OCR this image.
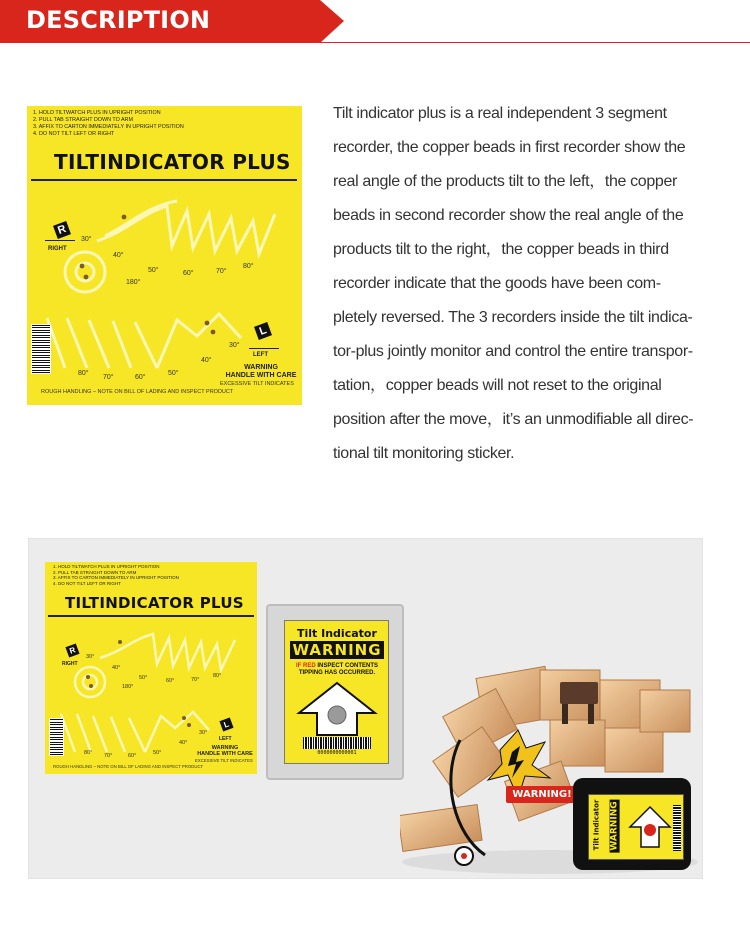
DESCRIPTION
1. HOLD TILTWATCH PLUS IN UPRIGHT POSITION
2. PULL TAB STRAIGHT DOWN TO ARM
3. AFFIX TO CARTON IMMEDIATELY IN UPRIGHT POSITION
4. DO NOT TILT LEFT OR RIGHT
TILTINDICATOR PLUS
R
RIGHT
30°
40°
50°	60°	70°
80°
180°
L
LEFT
30°
40°
50°
60°
70°
80°
WARNING
HANDLE WITH CARE
EXCESSIVE TILT INDICATES
ROUGH HANDLING – NOTE ON BILL OF LADING AND INSPECT PRODUCT
Tilt indicator plus is a real independent 3 segment
recorder, the copper beads in first recorder show the
real angle of the products tilt to the left，the copper
beads in second recorder show the real angle of the
products tilt to the right，the copper beads in third
recorder indicate that the goods have been com-
pletely reversed. The 3 recorders inside the tilt indica-
tor-plus jointly monitor and control the entire transpor-
tation，copper beads will not reset to the original
position after the move，it’s an unmodifiable all direc-
tional tilt monitoring sticker.
1. HOLD TILTWATCH PLUS IN UPRIGHT POSITION
2. PULL TAB STRAIGHT DOWN TO ARM
3. AFFIX TO CARTON IMMEDIATELY IN UPRIGHT POSITION
4. DO NOT TILT LEFT OR RIGHT
TILTINDICATOR PLUS
R
RIGHT
30°
40°
50°	60°	70°
80°
180°
L
LEFT
30°
40°
50°
60°
70°
80°
WARNING
HANDLE WITH CARE
EXCESSIVE TILT INDICATES
ROUGH HANDLING – NOTE ON BILL OF LADING AND INSPECT PRODUCT
Tilt Indicator
WARNING
IF RED INSPECT CONTENTS
TIPPING HAS OCCURRED.
0000000000001
WARNING!
Tilt Indicator WARNING
